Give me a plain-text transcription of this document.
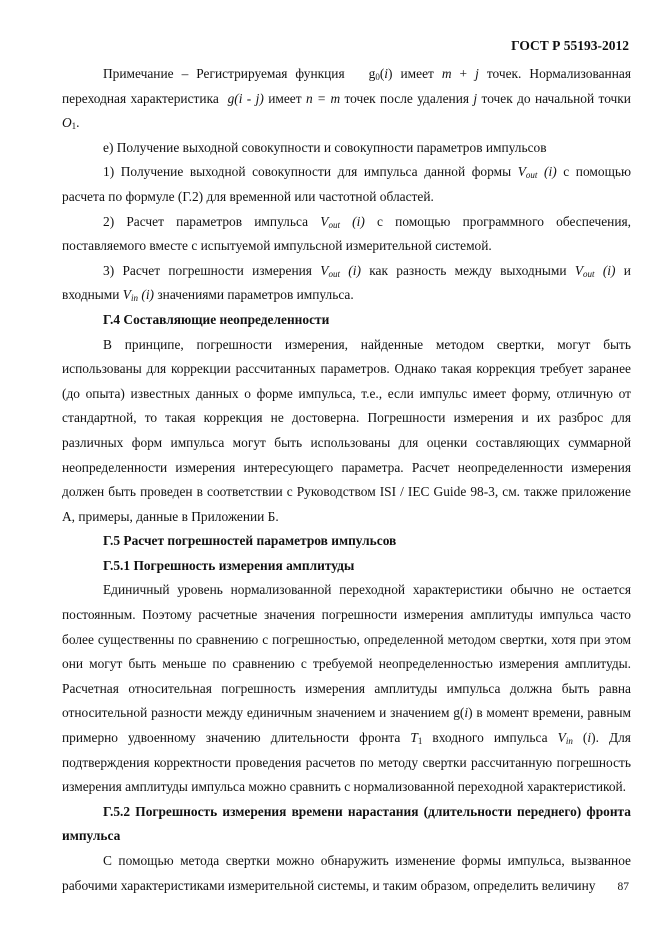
ГОСТ Р 55193-2012

Примечание – Регистрируемая функция $g_0(i)$ имеет m + j точек. Нормализованная переходная характеристика g(i - j) имеет n = m точек после удаления j точек до начальной точки $O_1$.

е) Получение выходной совокупности и совокупности параметров импульсов

1) Получение выходной совокупности для импульса данной формы $V_{out}$ (i) с помощью расчета по формуле (Г.2) для временной или частотной областей.

2) Расчет параметров импульса $V_{out}$ (i) с помощью программного обеспечения, поставляемого вместе с испытуемой импульсной измерительной системой.

3) Расчет погрешности измерения $V_{out}$ (i) как разность между выходными $V_{out}$ (i) и входными $V_{in}$ (i) значениями параметров импульса.

Г.4 Составляющие неопределенности

В принципе, погрешности измерения, найденные методом свертки, могут быть использованы для коррекции рассчитанных параметров. Однако такая коррекция требует заранее (до опыта) известных данных о форме импульса, т.е., если импульс имеет форму, отличную от стандартной, то такая коррекция не достоверна. Погрешности измерения и их разброс для различных форм импульса могут быть использованы для оценки составляющих суммарной неопределенности измерения интересующего параметра. Расчет неопределенности измерения должен быть проведен в соответствии с Руководством ISI / IEC Guide 98-3, см. также приложение А, примеры, данные в Приложении Б.

Г.5 Расчет погрешностей параметров импульсов
Г.5.1 Погрешность измерения амплитуды

Единичный уровень нормализованной переходной характеристики обычно не остается постоянным. Поэтому расчетные значения погрешности измерения амплитуды импульса часто более существенны по сравнению с погрешностью, определенной методом свертки, хотя при этом они могут быть меньше по сравнению с требуемой неопределенностью измерения амплитуды. Расчетная относительная погрешность измерения амплитуды импульса должна быть равна относительной разности между единичным значением и значением g(i) в момент времени, равным примерно удвоенному значению длительности фронта $T_1$ входного импульса $V_{in}$ (i). Для подтверждения корректности проведения расчетов по методу свертки рассчитанную погрешность измерения амплитуды импульса можно сравнить с нормализованной переходной характеристикой.

Г.5.2 Погрешность измерения времени нарастания (длительности переднего) фронта импульса

С помощью метода свертки можно обнаружить изменение формы импульса, вызванное рабочими характеристиками измерительной системы, и таким образом, определить величину	87
